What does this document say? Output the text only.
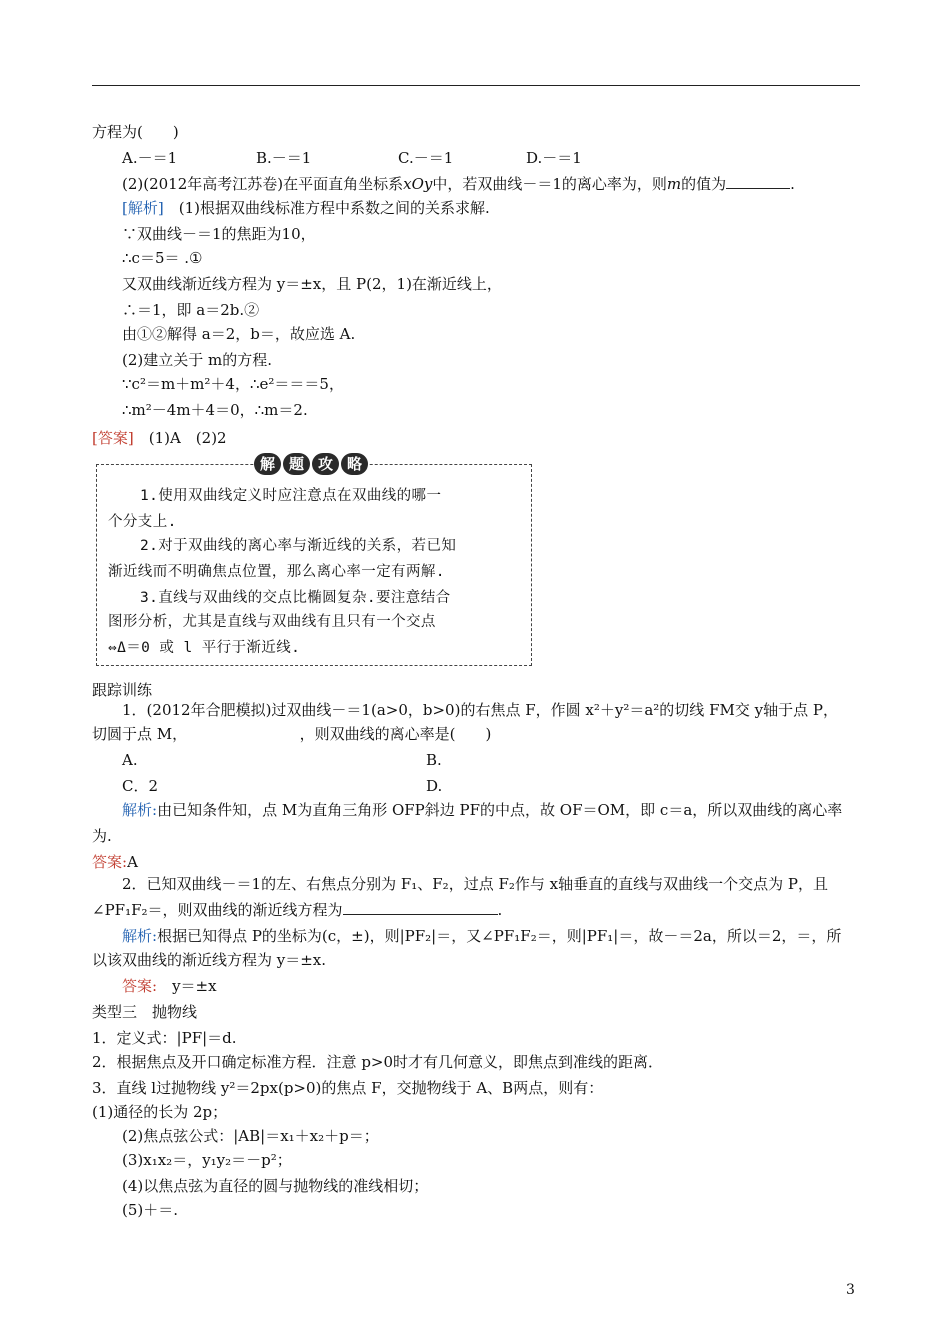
方程为(　　)
A.－＝1	B.－＝1	C.－＝1	D.－＝1
(2)(2012年高考江苏卷)在平面直角坐标系xOy中，若双曲线－＝1的离心率为，则m的值为	.
[解析]　(1)根据双曲线标准方程中系数之间的关系求解.
∵双曲线－＝1的焦距为10，
∴c＝5＝ .①
又双曲线渐近线方程为 y＝±x，且 P(2，1)在渐近线上，
∴＝1，即 a＝2b.②
由①②解得 a＝2，b＝，故应选 A.
(2)建立关于 m的方程.
∵c²＝m＋m²＋4，∴e²＝＝＝5，
∴m²－4m＋4＝0，∴m＝2.
[答案]　(1)A　(2)2
解 题 攻 略
1.使用双曲线定义时应注意点在双曲线的哪一
个分支上.
2.对于双曲线的离心率与渐近线的关系，若已知
渐近线而不明确焦点位置，那么离心率一定有两解.
3.直线与双曲线的交点比椭圆复杂.要注意结合
图形分析，尤其是直线与双曲线有且只有一个交点
⇔Δ＝0 或 l 平行于渐近线.
跟踪训练
1．(2012年合肥模拟)过双曲线－＝1(a>0，b>0)的右焦点 F，作圆 x²＋y²＝a²的切线 FM交 y轴于点 P，
切圆于点 M，　　　　　　　　，则双曲线的离心率是(　　)
A.	B.
C．2	D.
解析:由已知条件知，点 M为直角三角形 OFP斜边 PF的中点，故 OF＝OM，即 c＝a，所以双曲线的离心率
为.
答案:A
2．已知双曲线－＝1的左、右焦点分别为 F₁、F₂，过点 F₂作与 x轴垂直的直线与双曲线一个交点为 P，且
∠PF₁F₂＝，则双曲线的渐近线方程为	.
解析:根据已知得点 P的坐标为(c，±)，则|PF₂|＝，又∠PF₁F₂＝，则|PF₁|＝，故－＝2a，所以＝2，＝，所
以该双曲线的渐近线方程为 y＝±x.
答案:　y＝±x
类型三　抛物线
1．定义式：|PF|＝d.
2．根据焦点及开口确定标准方程．注意 p>0时才有几何意义，即焦点到准线的距离．
3．直线 l过抛物线 y²＝2px(p>0)的焦点 F，交抛物线于 A、B两点，则有：
(1)通径的长为 2p；
(2)焦点弦公式：|AB|＝x₁＋x₂＋p＝；
(3)x₁x₂＝，y₁y₂＝－p²；
(4)以焦点弦为直径的圆与抛物线的准线相切；
(5)＋＝.
3
